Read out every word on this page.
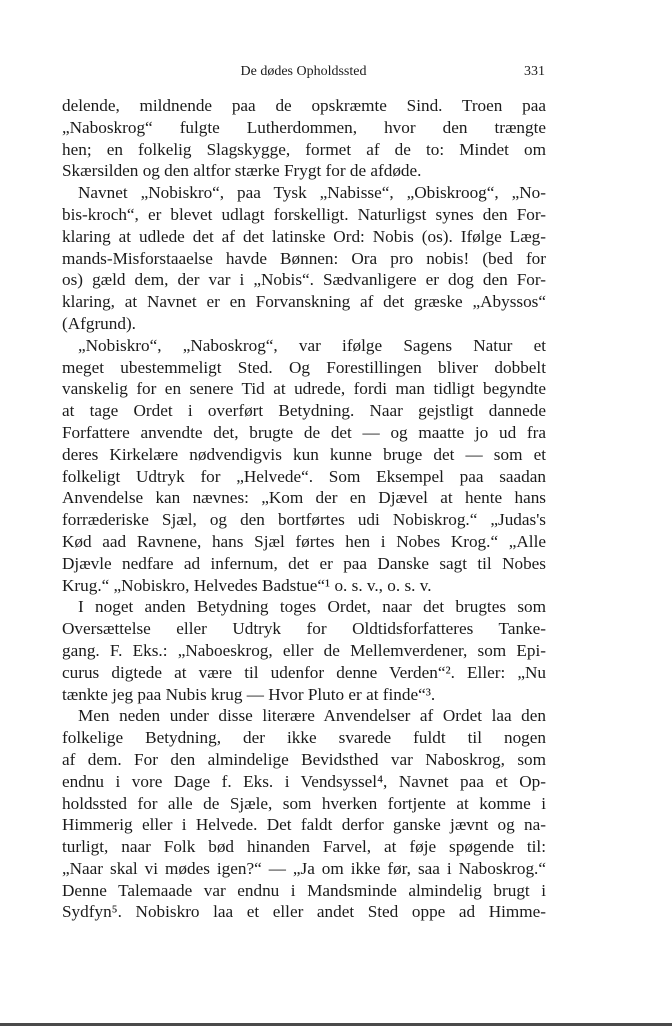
De dødes Opholdssted	331
delende, mildnende paa de opskræmte Sind. Troen paa
„Naboskrog“ fulgte Lutherdommen, hvor den trængte
hen; en folkelig Slagskygge, formet af de to: Mindet om
Skærsilden og den altfor stærke Frygt for de afdøde.
Navnet „Nobiskro“, paa Tysk „Nabisse“, „Obiskroog“, „No-
bis-kroch“, er blevet udlagt forskelligt. Naturligst synes den For-
klaring at udlede det af det latinske Ord: Nobis (os). Ifølge Læg-
mands-Misforstaaelse havde Bønnen: Ora pro nobis! (bed for
os) gæld dem, der var i „Nobis“. Sædvanligere er dog den For-
klaring, at Navnet er en Forvanskning af det græske „Abyssos“
(Afgrund).
„Nobiskro“, „Naboskrog“, var ifølge Sagens Natur et
meget ubestemmeligt Sted. Og Forestillingen bliver dobbelt
vanskelig for en senere Tid at udrede, fordi man tidligt begyndte
at tage Ordet i overført Betydning. Naar gejstligt dannede
Forfattere anvendte det, brugte de det — og maatte jo ud fra
deres Kirkelære nødvendigvis kun kunne bruge det — som et
folkeligt Udtryk for „Helvede“. Som Eksempel paa saadan
Anvendelse kan nævnes: „Kom der en Djævel at hente hans
forræderiske Sjæl, og den bortførtes udi Nobiskrog.“ „Judas's
Kød aad Ravnene, hans Sjæl førtes hen i Nobes Krog.“ „Alle
Djævle nedfare ad infernum, det er paa Danske sagt til Nobes
Krug.“ „Nobiskro, Helvedes Badstue“¹ o. s. v., o. s. v.
I noget anden Betydning toges Ordet, naar det brugtes som
Oversættelse eller Udtryk for Oldtidsforfatteres Tanke-
gang. F. Eks.: „Naboeskrog, eller de Mellemverdener, som Epi-
curus digtede at være til udenfor denne Verden“². Eller: „Nu
tænkte jeg paa Nubis krug — Hvor Pluto er at finde“³.
Men neden under disse literære Anvendelser af Ordet laa den
folkelige Betydning, der ikke svarede fuldt til nogen
af dem. For den almindelige Bevidsthed var Naboskrog, som
endnu i vore Dage f. Eks. i Vendsyssel⁴, Navnet paa et Op-
holdssted for alle de Sjæle, som hverken fortjente at komme i
Himmerig eller i Helvede. Det faldt derfor ganske jævnt og na-
turligt, naar Folk bød hinanden Farvel, at føje spøgende til:
„Naar skal vi mødes igen?“ — „Ja om ikke før, saa i Naboskrog.“
Denne Talemaade var endnu i Mandsminde almindelig brugt i
Sydfyn⁵. Nobiskro laa et eller andet Sted oppe ad Himme-
